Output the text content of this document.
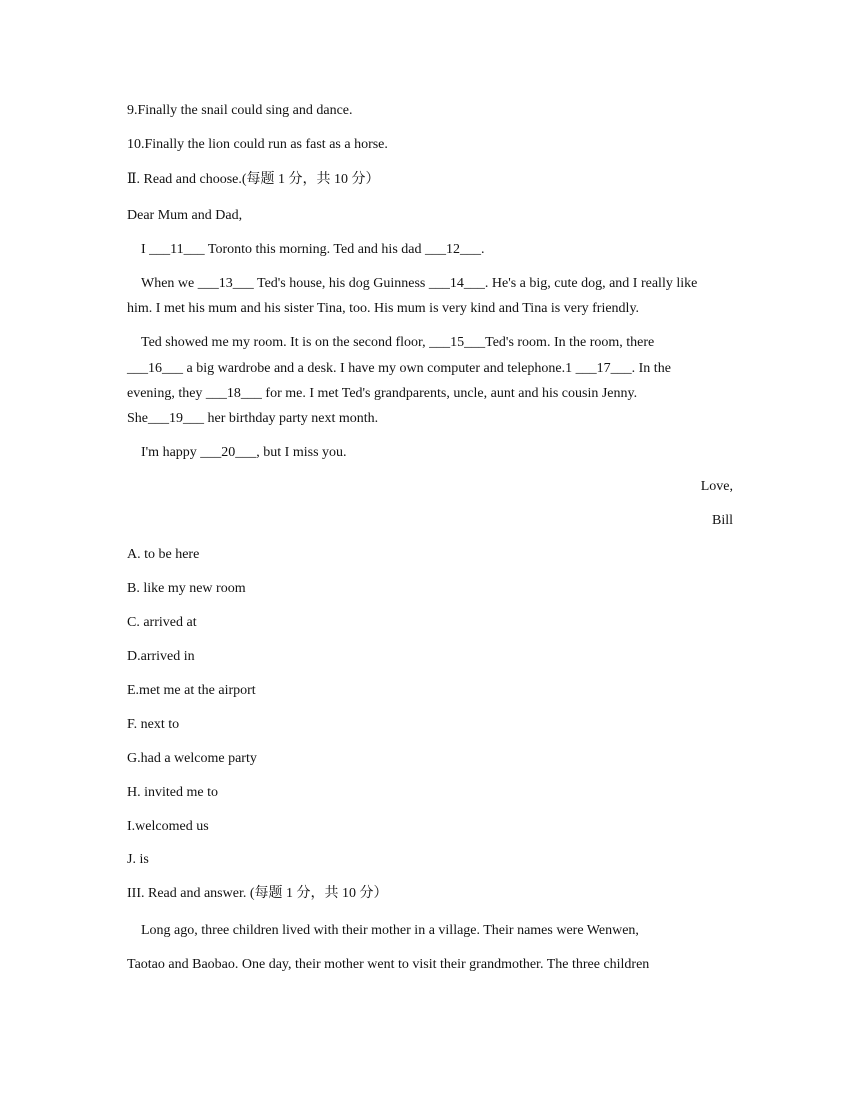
9.Finally the snail could sing and dance.
10.Finally the lion could run as fast as a horse.
Ⅱ. Read and choose.(每题 1 分，共 10 分）
Dear Mum and Dad,
I ___11___ Toronto this morning. Ted and his dad ___12___.
When we ___13___ Ted's house, his dog Guinness ___14___. He's a big, cute dog, and I really like
him. I met his mum and his sister Tina, too. His mum is very kind and Tina is very friendly.
Ted showed me my room. It is on the second floor, ___15___Ted's room. In the room, there
___16___ a big wardrobe and a desk. I have my own computer and telephone.1 ___17___. In the
evening, they ___18___ for me. I met Ted's grandparents, uncle, aunt and his cousin Jenny.
She___19___ her birthday party next month.
I'm happy ___20___, but I miss you.
Love,
Bill
A. to be here
B. like my new room
C. arrived at
D.arrived in
E.met me at the airport
F. next to
G.had a welcome party
H. invited me to
I.welcomed us
J. is
III. Read and answer. (每题 1 分，共 10 分）
Long ago, three children lived with their mother in a village. Their names were Wenwen,
Taotao and Baobao. One day, their mother went to visit their grandmother. The three children
